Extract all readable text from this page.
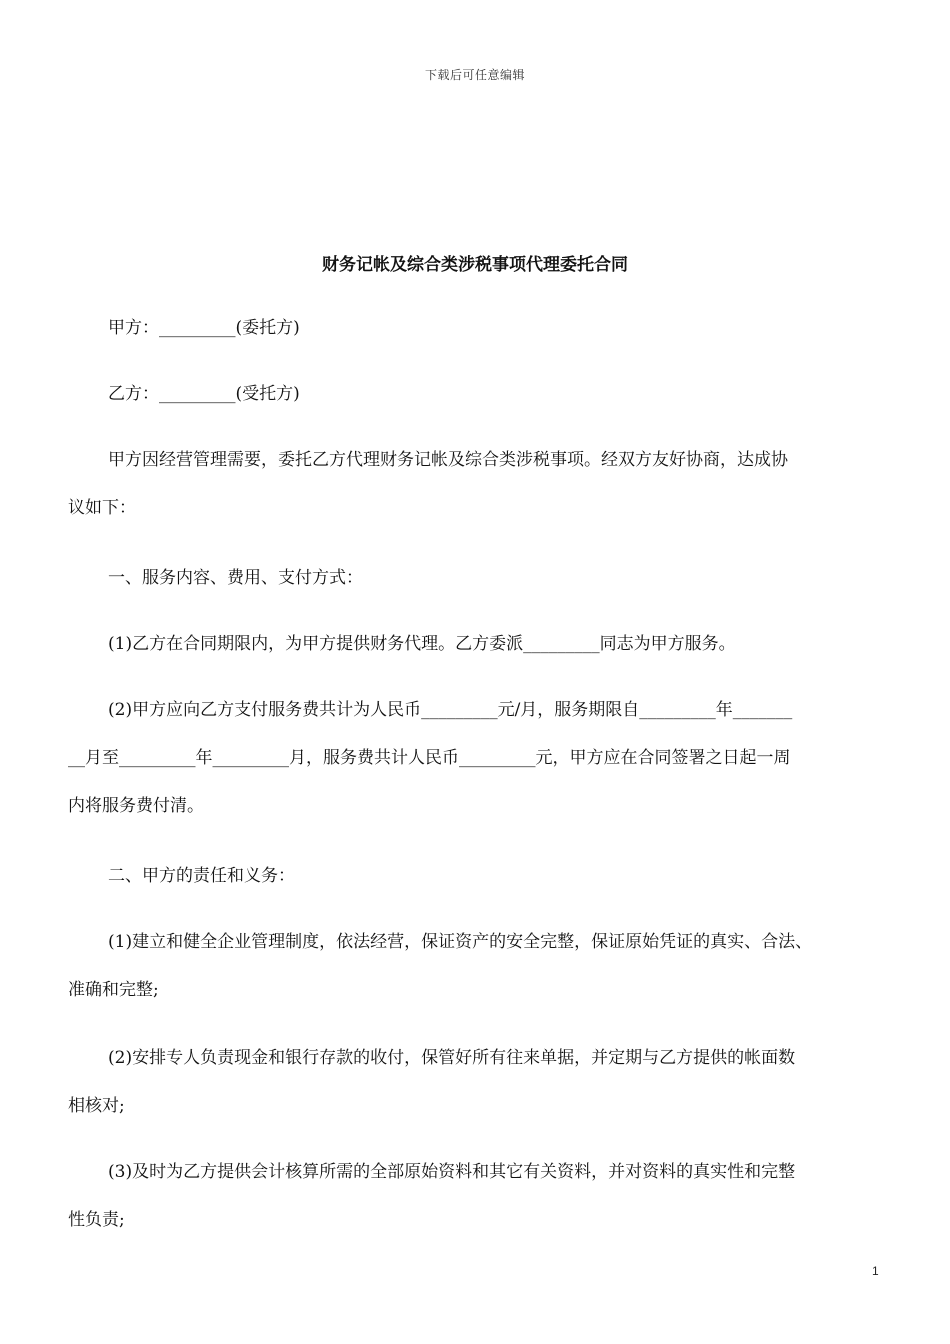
下载后可任意编辑
财务记帐及综合类涉税事项代理委托合同
甲方：_________(委托方)
乙方：_________(受托方)
甲方因经营管理需要，委托乙方代理财务记帐及综合类涉税事项。经双方友好协商，达成协
议如下：
一、服务内容、费用、支付方式：
(1)乙方在合同期限内，为甲方提供财务代理。乙方委派_________同志为甲方服务。
(2)甲方应向乙方支付服务费共计为人民币_________元/月，服务期限自_________年_______
__月至_________年_________月，服务费共计人民币_________元，甲方应在合同签署之日起一周
内将服务费付清。
二、甲方的责任和义务：
(1)建立和健全企业管理制度，依法经营，保证资产的安全完整，保证原始凭证的真实、合法、
准确和完整;
(2)安排专人负责现金和银行存款的收付，保管好所有往来单据，并定期与乙方提供的帐面数
相核对;
(3)及时为乙方提供会计核算所需的全部原始资料和其它有关资料，并对资料的真实性和完整
性负责;
1
